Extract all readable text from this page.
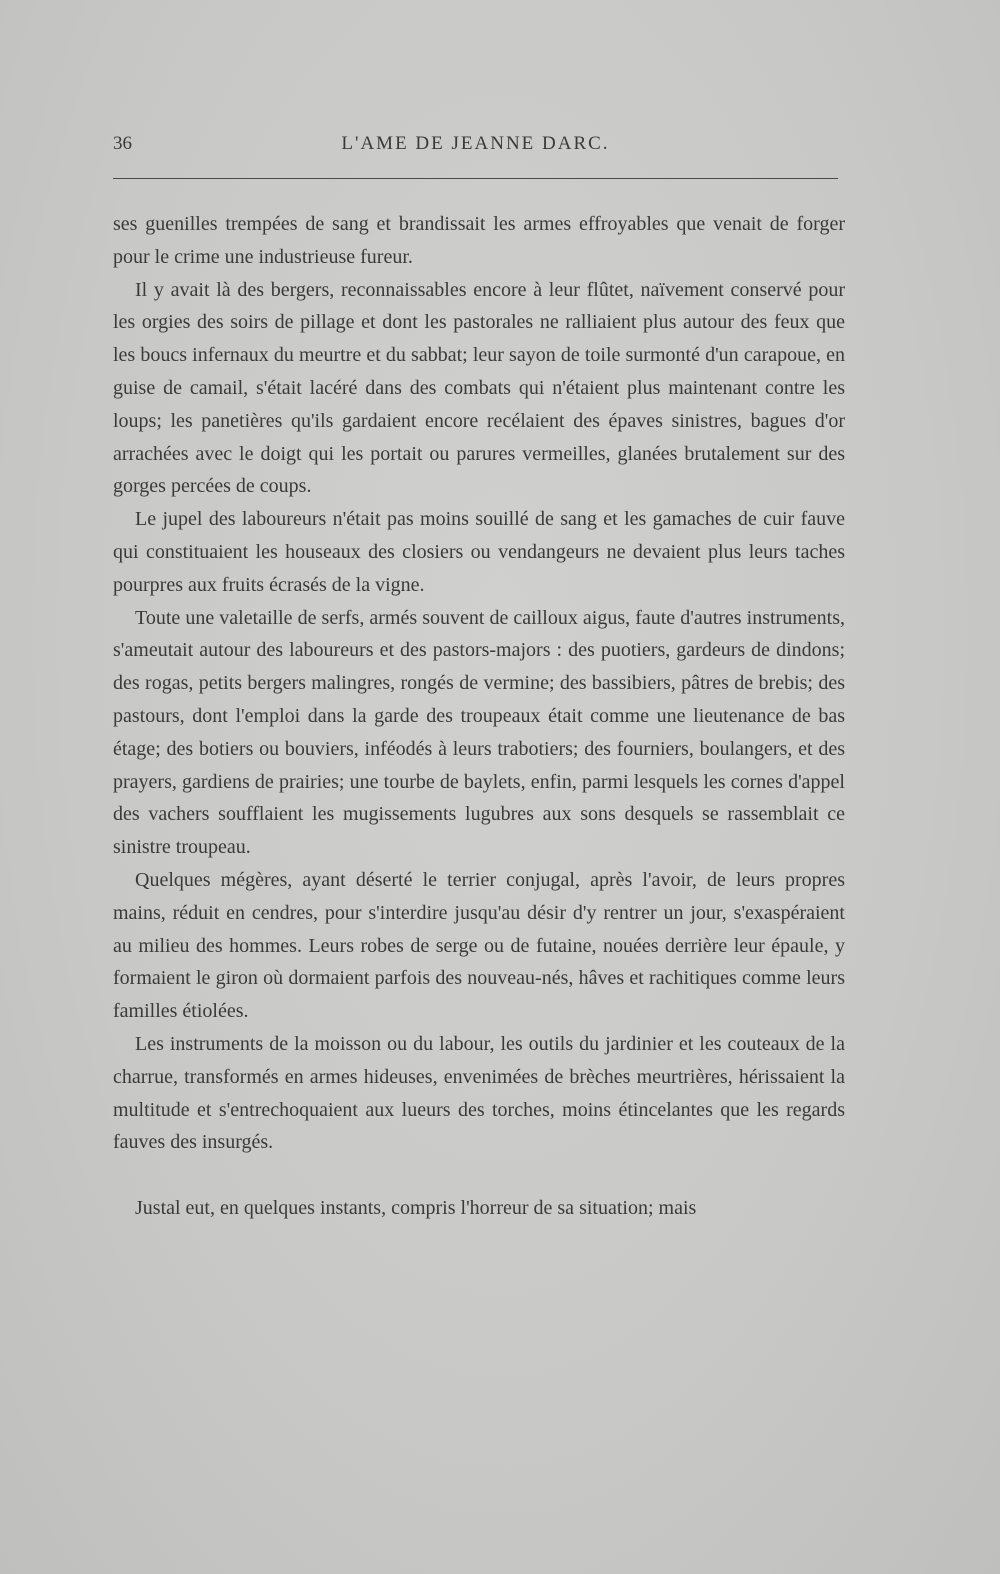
36	L'AME DE JEANNE DARC.

ses guenilles trempées de sang et brandissait les armes effroyables que venait de forger pour le crime une industrieuse fureur.

Il y avait là des bergers, reconnaissables encore à leur flûtet, naïvement conservé pour les orgies des soirs de pillage et dont les pastorales ne ralliaient plus autour des feux que les boucs infernaux du meurtre et du sabbat; leur sayon de toile surmonté d'un carapoue, en guise de camail, s'était lacéré dans des combats qui n'étaient plus maintenant contre les loups; les panetières qu'ils gardaient encore recélaient des épaves sinistres, bagues d'or arrachées avec le doigt qui les portait ou parures vermeilles, glanées brutalement sur des gorges percées de coups.

Le jupel des laboureurs n'était pas moins souillé de sang et les gamaches de cuir fauve qui constituaient les houseaux des closiers ou vendangeurs ne devaient plus leurs taches pourpres aux fruits écrasés de la vigne.

Toute une valetaille de serfs, armés souvent de cailloux aigus, faute d'autres instruments, s'ameutait autour des laboureurs et des pastors-majors : des puotiers, gardeurs de dindons; des rogas, petits bergers malingres, rongés de vermine; des bassibiers, pâtres de brebis; des pastours, dont l'emploi dans la garde des troupeaux était comme une lieutenance de bas étage; des botiers ou bouviers, inféodés à leurs trabotiers; des fourniers, boulangers, et des prayers, gardiens de prairies; une tourbe de baylets, enfin, parmi lesquels les cornes d'appel des vachers soufflaient les mugissements lugubres aux sons desquels se rassemblait ce sinistre troupeau.

Quelques mégères, ayant déserté le terrier conjugal, après l'avoir, de leurs propres mains, réduit en cendres, pour s'interdire jusqu'au désir d'y rentrer un jour, s'exaspéraient au milieu des hommes. Leurs robes de serge ou de futaine, nouées derrière leur épaule, y formaient le giron où dormaient parfois des nouveau-nés, hâves et rachitiques comme leurs familles étiolées.

Les instruments de la moisson ou du labour, les outils du jardinier et les couteaux de la charrue, transformés en armes hideuses, envenimées de brèches meurtrières, hérissaient la multitude et s'entrechoquaient aux lueurs des torches, moins étincelantes que les regards fauves des insurgés.

Justal eut, en quelques instants, compris l'horreur de sa situation; mais
